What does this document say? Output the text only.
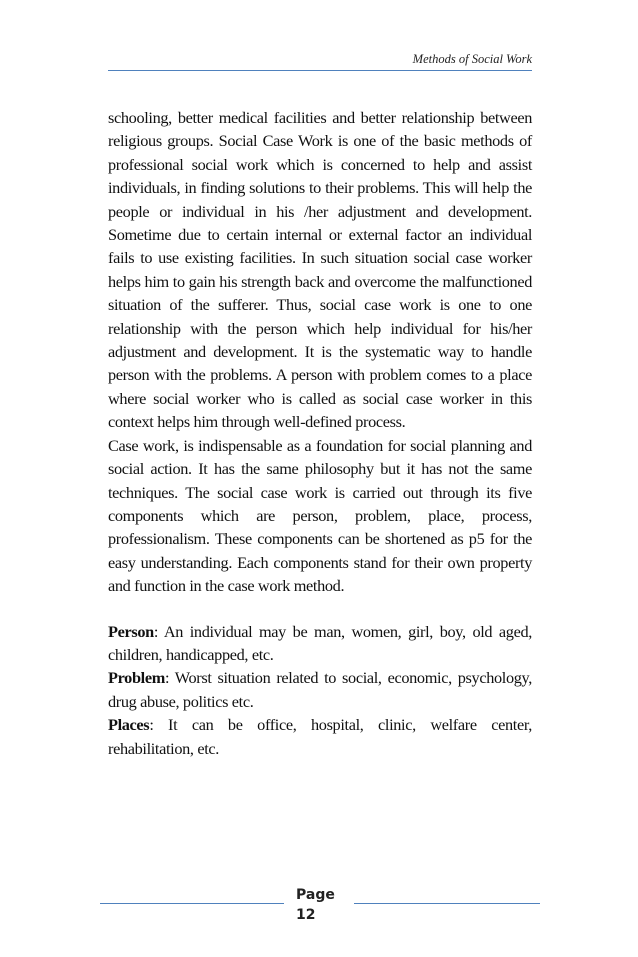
Methods of Social Work

schooling, better medical facilities and better relationship between religious groups. Social Case Work is one of the basic methods of professional social work which is concerned to help and assist individuals, in finding solutions to their problems. This will help the people or individual in his /her adjustment and development. Sometime due to certain internal or external factor an individual fails to use existing facilities. In such situation social case worker helps him to gain his strength back and overcome the malfunctioned situation of the sufferer. Thus, social case work is one to one relationship with the person which help individual for his/her adjustment and development. It is the systematic way to handle person with the problems. A person with problem comes to a place where social worker who is called as social case worker in this context helps him through well-defined process.

Case work, is indispensable as a foundation for social planning and social action. It has the same philosophy but it has not the same techniques. The social case work is carried out through its five components which are person, problem, place, process, professionalism. These components can be shortened as p5 for the easy understanding. Each components stand for their own property and function in the case work method.

Person: An individual may be man, women, girl, boy, old aged, children, handicapped, etc.

Problem: Worst situation related to social, economic, psychology, drug abuse, politics etc.

Places: It can be office, hospital, clinic, welfare center, rehabilitation, etc.

Page
12
